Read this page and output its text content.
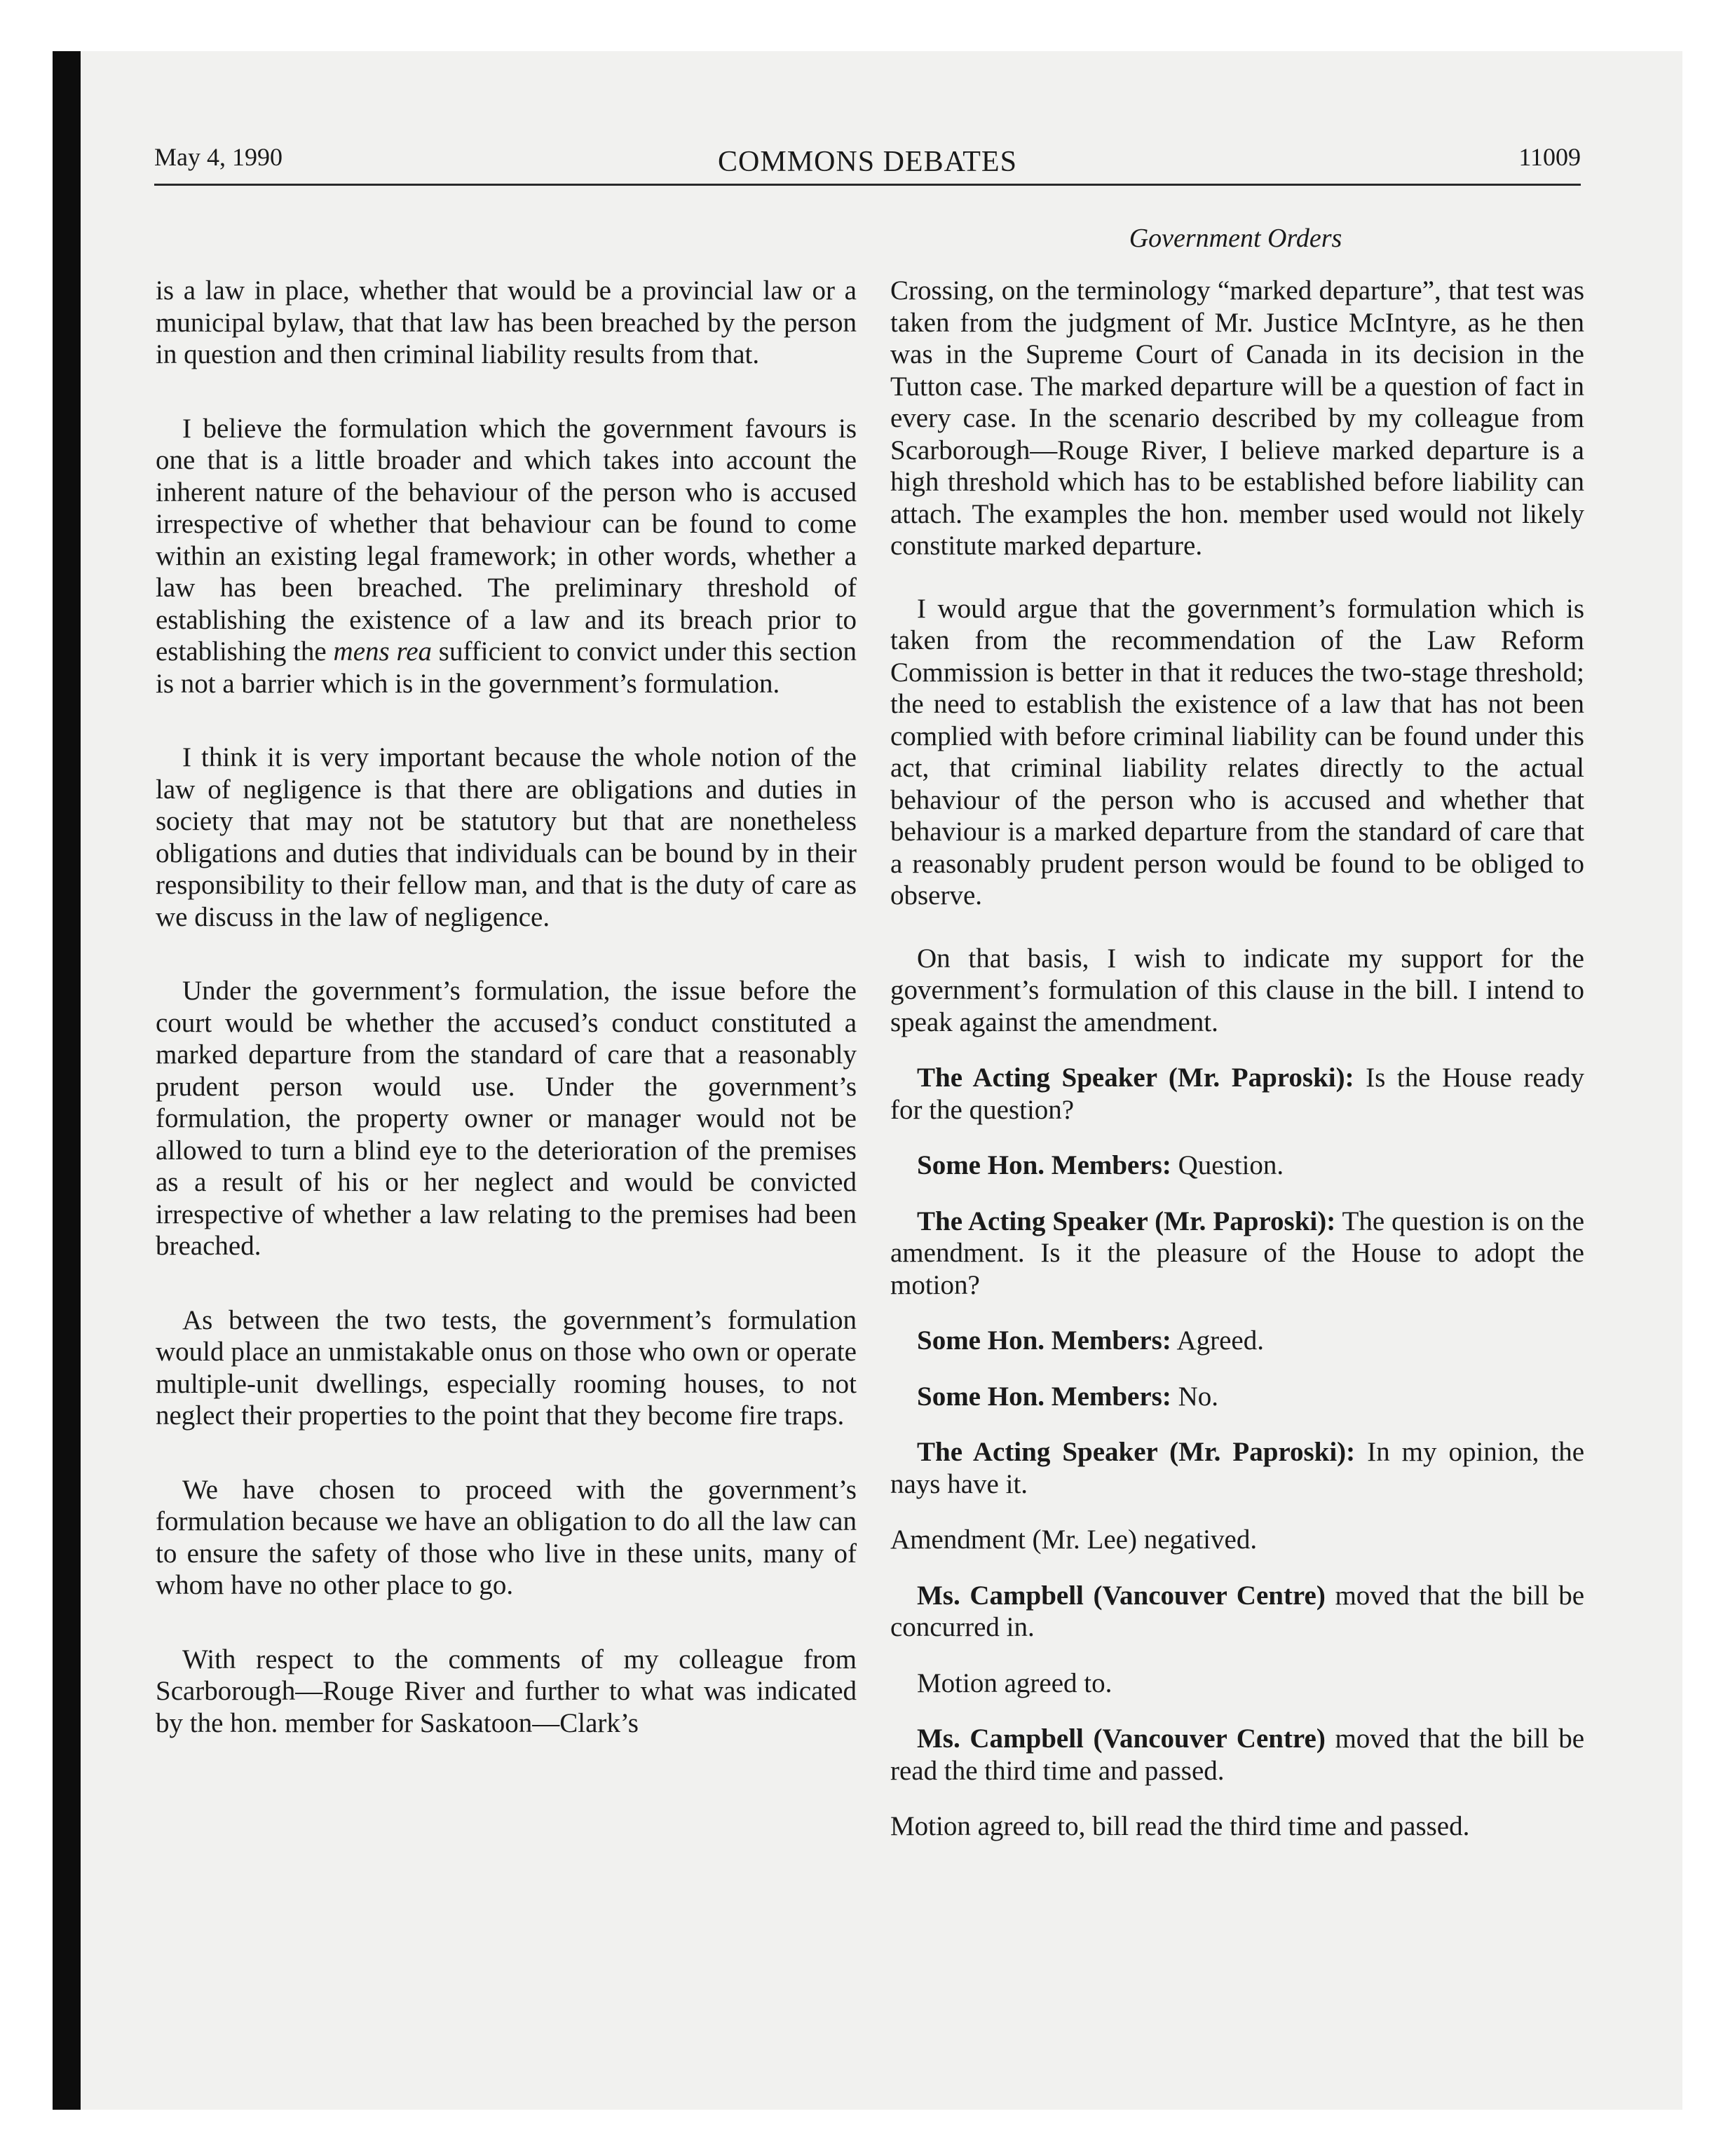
May 4, 1990	COMMONS DEBATES	11009
Government Orders

is a law in place, whether that would be a provincial law or a municipal bylaw, that that law has been breached by the person in question and then criminal liability results from that.

I believe the formulation which the government favours is one that is a little broader and which takes into account the inherent nature of the behaviour of the person who is accused irrespective of whether that behaviour can be found to come within an existing legal framework; in other words, whether a law has been breached. The preliminary threshold of establishing the existence of a law and its breach prior to establishing the mens rea sufficient to convict under this section is not a barrier which is in the government’s formulation.

I think it is very important because the whole notion of the law of negligence is that there are obligations and duties in society that may not be statutory but that are nonetheless obligations and duties that individuals can be bound by in their responsibility to their fellow man, and that is the duty of care as we discuss in the law of negligence.

Under the government’s formulation, the issue before the court would be whether the accused’s conduct constituted a marked departure from the standard of care that a reasonably prudent person would use. Under the government’s formulation, the property owner or manager would not be allowed to turn a blind eye to the deterioration of the premises as a result of his or her neglect and would be convicted irrespective of whether a law relating to the premises had been breached.

As between the two tests, the government’s formulation would place an unmistakable onus on those who own or operate multiple-unit dwellings, especially rooming houses, to not neglect their properties to the point that they become fire traps.

We have chosen to proceed with the government’s formulation because we have an obligation to do all the law can to ensure the safety of those who live in these units, many of whom have no other place to go.

With respect to the comments of my colleague from Scarborough—Rouge River and further to what was indicated by the hon. member for Saskatoon—Clark’s

Crossing, on the terminology “marked departure”, that test was taken from the judgment of Mr. Justice McIntyre, as he then was in the Supreme Court of Canada in its decision in the Tutton case. The marked departure will be a question of fact in every case. In the scenario described by my colleague from Scarborough—Rouge River, I believe marked departure is a high threshold which has to be established before liability can attach. The examples the hon. member used would not likely constitute marked departure.

I would argue that the government’s formulation which is taken from the recommendation of the Law Reform Commission is better in that it reduces the two-stage threshold; the need to establish the existence of a law that has not been complied with before criminal liability can be found under this act, that criminal liability relates directly to the actual behaviour of the person who is accused and whether that behaviour is a marked departure from the standard of care that a reasonably prudent person would be found to be obliged to observe.

On that basis, I wish to indicate my support for the government’s formulation of this clause in the bill. I intend to speak against the amendment.

The Acting Speaker (Mr. Paproski): Is the House ready for the question?

Some Hon. Members: Question.

The Acting Speaker (Mr. Paproski): The question is on the amendment. Is it the pleasure of the House to adopt the motion?

Some Hon. Members: Agreed.

Some Hon. Members: No.

The Acting Speaker (Mr. Paproski): In my opinion, the nays have it.

Amendment (Mr. Lee) negatived.

Ms. Campbell (Vancouver Centre) moved that the bill be concurred in.

Motion agreed to.

Ms. Campbell (Vancouver Centre) moved that the bill be read the third time and passed.

Motion agreed to, bill read the third time and passed.
